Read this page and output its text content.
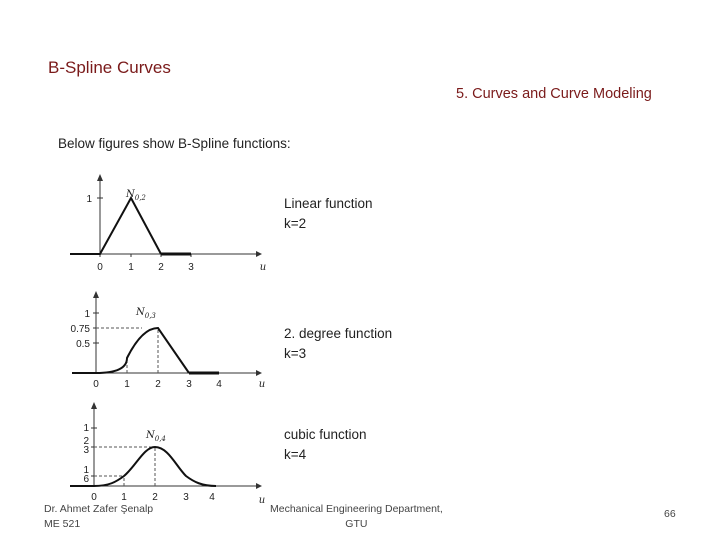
B-Spline Curves
5. Curves and Curve Modeling
Below figures show B-Spline functions:
1
0	1 2 3	u
$N_{0,2}$
1
0.75
0.5
0	1	2	3 4	u
$N_{0,3}$
1
2
3
1
6
0 1	2	3 4	u
$N_{0,4}$
Linear function
k=2
2. degree function
k=3
cubic function
k=4
Dr. Ahmet Zafer Şenalp
ME 521
Mechanical Engineering Department,
GTU
66
